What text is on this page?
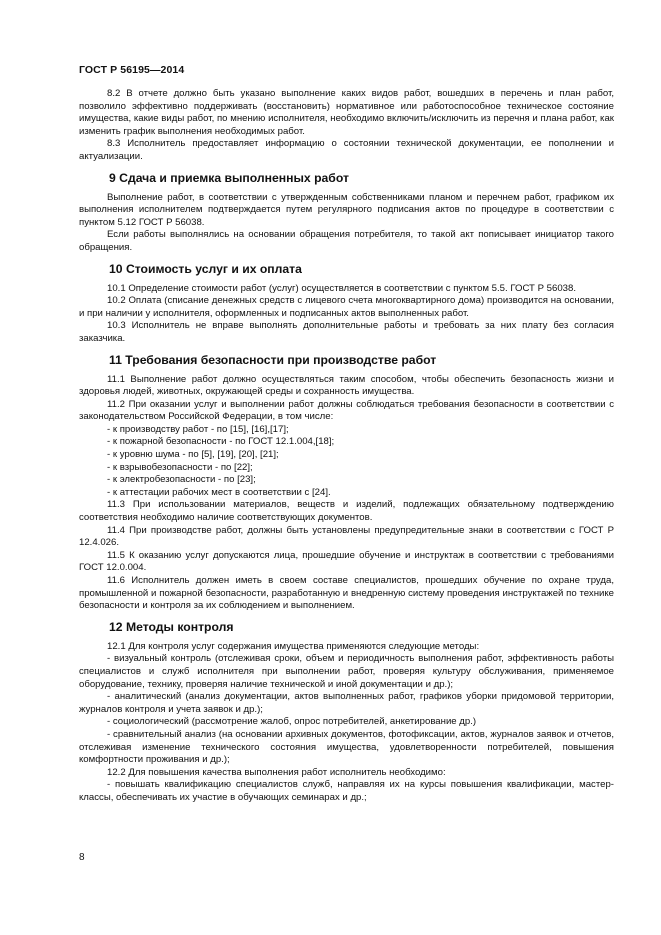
ГОСТ Р 56195—2014

8.2 В отчете должно быть указано выполнение каких видов работ, вошедших в перечень и план работ, позволило эффективно поддерживать (восстановить) нормативное или работоспособное техническое состояние имущества, какие виды работ, по мнению исполнителя, необходимо включить/исключить из перечня и плана работ, как изменить график выполнения необходимых работ.

8.3 Исполнитель предоставляет информацию о состоянии технической документации, ее пополнении и актуализации.

9 Сдача и приемка выполненных работ

Выполнение работ, в соответствии с утвержденным собственниками планом и перечнем работ, графиком их выполнения исполнителем подтверждается путем регулярного подписания актов по процедуре в соответствии с пунктом 5.12 ГОСТ Р 56038.

Если работы выполнялись на основании обращения потребителя, то такой акт пописывает инициатор такого обращения.

10 Стоимость услуг и их оплата

10.1 Определение стоимости работ (услуг) осуществляется в соответствии с пунктом 5.5. ГОСТ Р 56038.

10.2 Оплата (списание денежных средств с лицевого счета многоквартирного дома) производится на основании, и при наличии у исполнителя, оформленных и подписанных актов выполненных работ.

10.3 Исполнитель не вправе выполнять дополнительные работы и требовать за них плату без согласия заказчика.

11 Требования безопасности при производстве работ

11.1 Выполнение работ должно осуществляться таким способом, чтобы обеспечить безопасность жизни и здоровья людей, животных, окружающей среды и сохранность имущества.

11.2 При оказании услуг и выполнении работ должны соблюдаться требования безопасности в соответствии с законодательством Российской Федерации, в том числе:

- к производству работ - по [15], [16],[17];

- к пожарной безопасности - по ГОСТ 12.1.004,[18];

- к уровню шума - по [5], [19], [20], [21];

- к взрывобезопасности - по [22];

- к электробезопасности - по [23];

- к аттестации рабочих мест в соответствии с [24].

11.3 При использовании материалов, веществ и изделий, подлежащих обязательному подтверждению соответствия необходимо наличие соответствующих документов.

11.4 При производстве работ, должны быть установлены предупредительные знаки в соответствии с ГОСТ Р 12.4.026.

11.5 К оказанию услуг допускаются лица, прошедшие обучение и инструктаж в соответствии с требованиями ГОСТ 12.0.004.

11.6 Исполнитель должен иметь в своем составе специалистов, прошедших обучение по охране труда, промышленной и пожарной безопасности, разработанную и внедренную систему проведения инструктажей по технике безопасности и контроля за их соблюдением и выполнением.

12 Методы контроля

12.1 Для контроля услуг содержания имущества применяются следующие методы:

- визуальный контроль (отслеживая сроки, объем и периодичность выполнения работ, эффективность работы специалистов и служб исполнителя при выполнении работ, проверяя культуру обслуживания, применяемое оборудование, технику, проверяя наличие технической и иной документации и др.);

- аналитический (анализ документации, актов выполненных работ, графиков уборки придомовой территории, журналов контроля и учета заявок и др.);

- социологический (рассмотрение жалоб, опрос потребителей, анкетирование др.)

- сравнительный анализ (на основании архивных документов, фотофиксации, актов, журналов заявок и отчетов, отслеживая изменение технического состояния имущества, удовлетворенности потребителей, повышения комфортности проживания и др.);

12.2 Для повышения качества выполнения работ исполнитель необходимо:

- повышать квалификацию специалистов служб, направляя их на курсы повышения квалификации, мастер-классы, обеспечивать их участие в обучающих семинарах и др.;

8
